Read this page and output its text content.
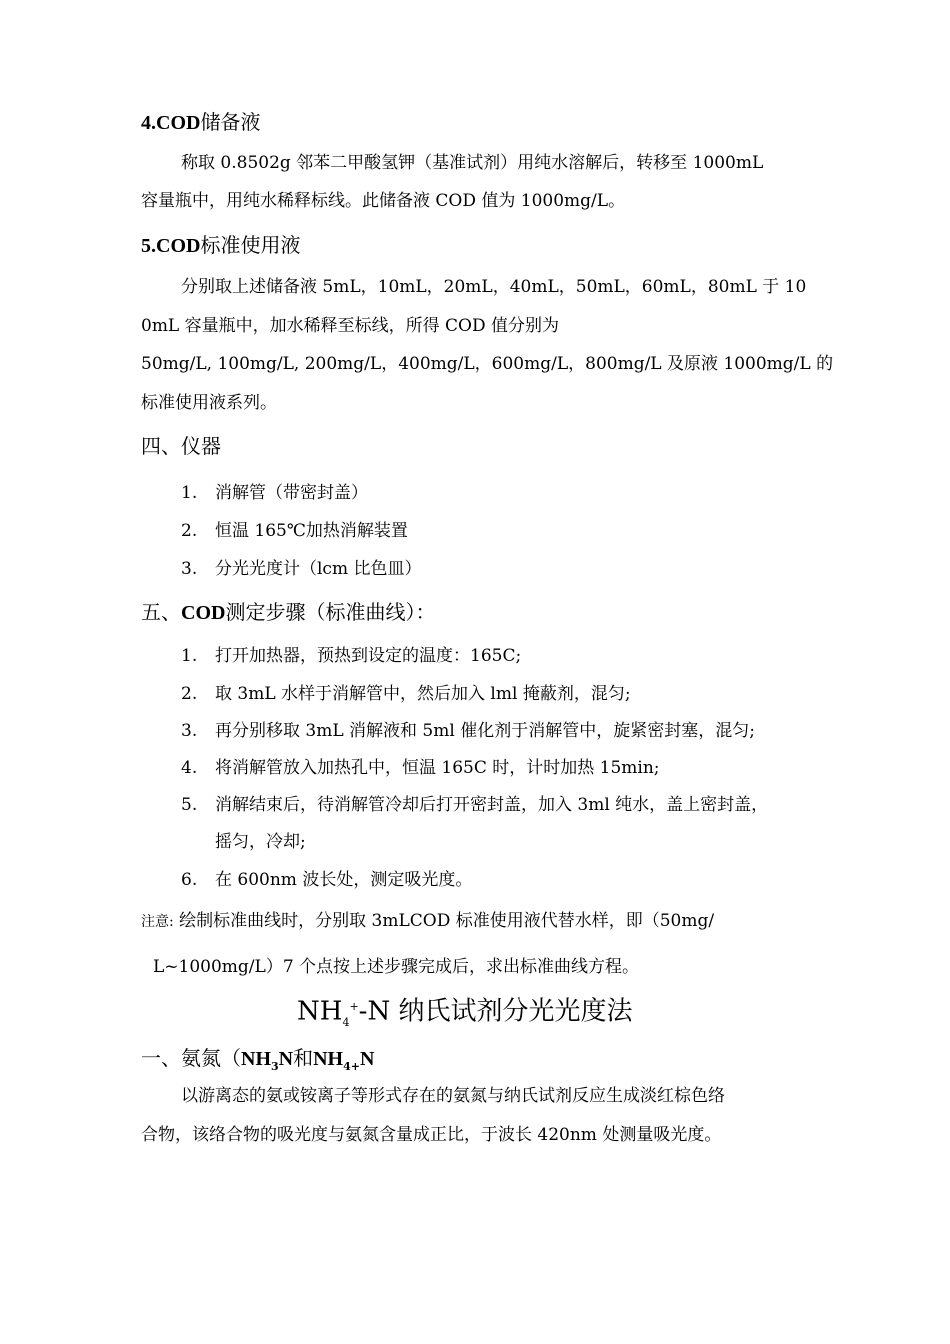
4.COD储备液
称取 0.8502g 邻苯二甲酸氢钾（基准试剂）用纯水溶解后，转移至 1000mL
容量瓶中，用纯水稀释标线。此储备液 COD 值为 1000mg/L。
5.COD标准使用液
分别取上述储备液 5mL，10mL，20mL，40mL，50mL，60mL，80mL 于 10
0mL 容量瓶中，加水稀释至标线，所得 COD 值分别为
50mg/L, 100mg/L, 200mg/L，400mg/L，600mg/L，800mg/L 及原液 1000mg/L 的
标准使用液系列。
四、仪器
1. 消解管（带密封盖）
2. 恒温 165℃加热消解装置
3. 分光光度计（lcm 比色皿）
五、COD测定步骤（标准曲线）：
1. 打开加热器，预热到设定的温度：165C;
2. 取 3mL 水样于消解管中，然后加入 lml 掩蔽剂，混匀;
3. 再分别移取 3mL 消解液和 5ml 催化剂于消解管中，旋紧密封塞，混匀;
4. 将消解管放入加热孔中，恒温 165C 时，计时加热 15min;
5. 消解结束后，待消解管冷却后打开密封盖，加入 3ml 纯水，盖上密封盖，
摇匀，冷却;
6. 在 600nm 波长处，测定吸光度。
注意: 绘制标准曲线时，分别取 3mLCOD 标准使用液代替水样，即（50mg/
L~1000mg/L）7 个点按上述步骤完成后，求出标准曲线方程。
$NH_4^+-N$ 纳氏试剂分光光度法
一、氨氮（$NH_3N$和$NH_{4+}N$
以游离态的氨或铵离子等形式存在的氨氮与纳氏试剂反应生成淡红棕色络
合物，该络合物的吸光度与氨氮含量成正比，于波长 420nm 处测量吸光度。
